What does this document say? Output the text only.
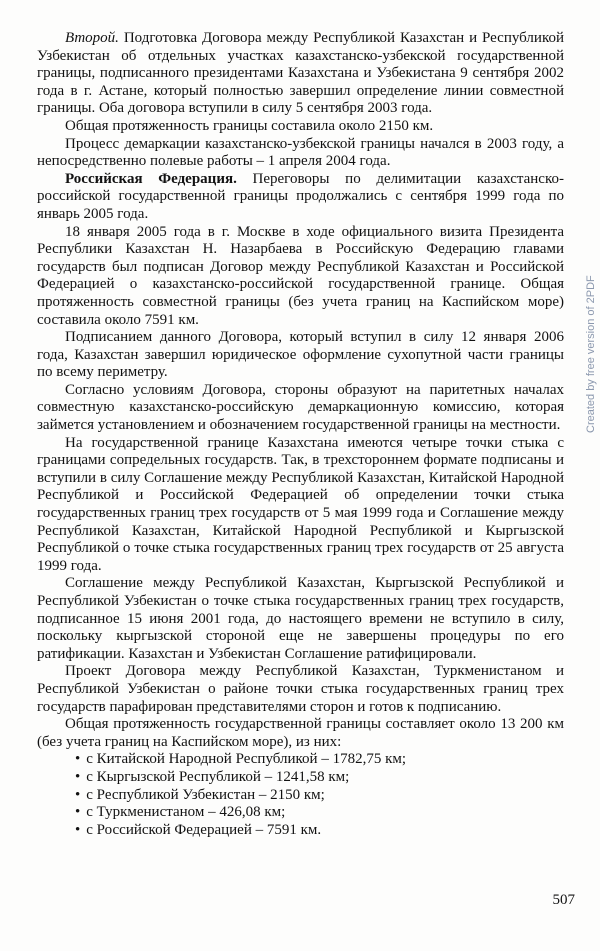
Второй. Подготовка Договора между Республикой Казахстан и Республикой Узбекистан об отдельных участках казахстанско-узбекской государственной границы, подписанного президентами Казахстана и Узбекистана 9 сентября 2002 года в г. Астане, который полностью завершил определение линии совместной границы. Оба договора вступили в силу 5 сентября 2003 года.

Общая протяженность границы составила около 2150 км.

Процесс демаркации казахстанско-узбекской границы начался в 2003 году, а непосредственно полевые работы – 1 апреля 2004 года.

Российская Федерация. Переговоры по делимитации казахстанско-российской государственной границы продолжались с сентября 1999 года по январь 2005 года.

18 января 2005 года в г. Москве в ходе официального визита Президента Республики Казахстан Н. Назарбаева в Российскую Федерацию главами государств был подписан Договор между Республикой Казахстан и Российской Федерацией о казахстанско-российской государственной границе. Общая протяженность совместной границы (без учета границ на Каспийском море) составила около 7591 км.

Подписанием данного Договора, который вступил в силу 12 января 2006 года, Казахстан завершил юридическое оформление сухопутной части границы по всему периметру.

Согласно условиям Договора, стороны образуют на паритетных началах совместную казахстанско-российскую демаркационную комиссию, которая займется установлением и обозначением государственной границы на местности.

На государственной границе Казахстана имеются четыре точки стыка с границами сопредельных государств. Так, в трехстороннем формате подписаны и вступили в силу Соглашение между Республикой Казахстан, Китайской Народной Республикой и Российской Федерацией об определении точки стыка государственных границ трех государств от 5 мая 1999 года и Соглашение между Республикой Казахстан, Китайской Народной Республикой и Кыргызской Республикой о точке стыка государственных границ трех государств от 25 августа 1999 года.

Соглашение между Республикой Казахстан, Кыргызской Республикой и Республикой Узбекистан о точке стыка государственных границ трех государств, подписанное 15 июня 2001 года, до настоящего времени не вступило в силу, поскольку кыргызской стороной еще не завершены процедуры по его ратификации. Казахстан и Узбекистан Соглашение ратифицировали.

Проект Договора между Республикой Казахстан, Туркменистаном и Республикой Узбекистан о районе точки стыка государственных границ трех государств парафирован представителями сторон и готов к подписанию.

Общая протяженность государственной границы составляет около 13 200 км (без учета границ на Каспийском море), из них:

• с Китайской Народной Республикой – 1782,75 км;
• с Кыргызской Республикой – 1241,58 км;
• с Республикой Узбекистан – 2150 км;
• с Туркменистаном – 426,08 км;
• с Российской Федерацией – 7591 км.
507
Created by free version of 2PDF
